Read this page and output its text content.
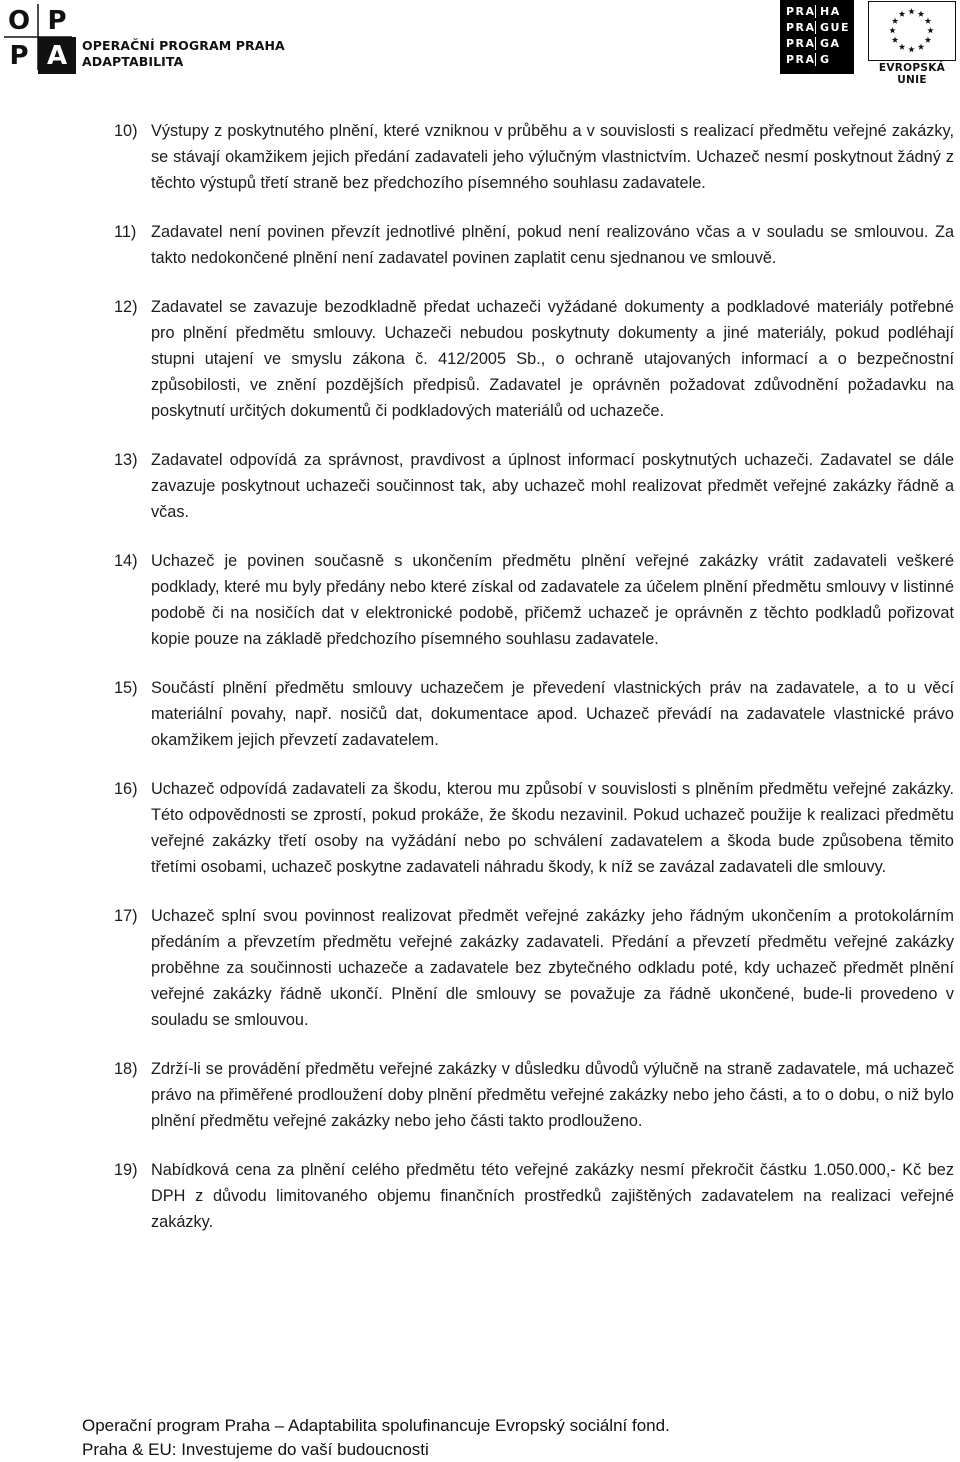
O P
P A OPERAČNÍ PROGRAM PRAHA
ADAPTABILITA
PRA HA
PRA GUE
PRA GA
PRA G
EVROPSKÁ UNIE
10) Výstupy z poskytnutého plnění, které vzniknou v průběhu a v souvislosti s realizací předmětu veřejné zakázky, se stávají okamžikem jejich předání zadavateli jeho výlučným vlastnictvím. Uchazeč nesmí poskytnout žádný z těchto výstupů třetí straně bez předchozího písemného souhlasu zadavatele.
11) Zadavatel není povinen převzít jednotlivé plnění, pokud není realizováno včas a v souladu se smlouvou. Za takto nedokončené plnění není zadavatel povinen zaplatit cenu sjednanou ve smlouvě.
12) Zadavatel se zavazuje bezodkladně předat uchazeči vyžádané dokumenty a podkladové materiály potřebné pro plnění předmětu smlouvy. Uchazeči nebudou poskytnuty dokumenty a jiné materiály, pokud podléhají stupni utajení ve smyslu zákona č. 412/2005 Sb., o ochraně utajovaných informací a o bezpečnostní způsobilosti, ve znění pozdějších předpisů. Zadavatel je oprávněn požadovat zdůvodnění požadavku na poskytnutí určitých dokumentů či podkladových materiálů od uchazeče.
13) Zadavatel odpovídá za správnost, pravdivost a úplnost informací poskytnutých uchazeči. Zadavatel se dále zavazuje poskytnout uchazeči součinnost tak, aby uchazeč mohl realizovat předmět veřejné zakázky řádně a včas.
14) Uchazeč je povinen současně s ukončením předmětu plnění veřejné zakázky vrátit zadavateli veškeré podklady, které mu byly předány nebo které získal od zadavatele za účelem plnění předmětu smlouvy v listinné podobě či na nosičích dat v elektronické podobě, přičemž uchazeč je oprávněn z těchto podkladů pořizovat kopie pouze na základě předchozího písemného souhlasu zadavatele.
15) Součástí plnění předmětu smlouvy uchazečem je převedení vlastnických práv na zadavatele, a to u věcí materiální povahy, např. nosičů dat, dokumentace apod. Uchazeč převádí na zadavatele vlastnické právo okamžikem jejich převzetí zadavatelem.
16) Uchazeč odpovídá zadavateli za škodu, kterou mu způsobí v souvislosti s plněním předmětu veřejné zakázky. Této odpovědnosti se zprostí, pokud prokáže, že škodu nezavinil. Pokud uchazeč použije k realizaci předmětu veřejné zakázky třetí osoby na vyžádání nebo po schválení zadavatelem a škoda bude způsobena těmito třetími osobami, uchazeč poskytne zadavateli náhradu škody, k níž se zavázal zadavateli dle smlouvy.
17) Uchazeč splní svou povinnost realizovat předmět veřejné zakázky jeho řádným ukončením a protokolárním předáním a převzetím předmětu veřejné zakázky zadavateli. Předání a převzetí předmětu veřejné zakázky proběhne za součinnosti uchazeče a zadavatele bez zbytečného odkladu poté, kdy uchazeč předmět plnění veřejné zakázky řádně ukončí. Plnění dle smlouvy se považuje za řádně ukončené, bude-li provedeno v souladu se smlouvou.
18) Zdrží-li se provádění předmětu veřejné zakázky v důsledku důvodů výlučně na straně zadavatele, má uchazeč právo na přiměřené prodloužení doby plnění předmětu veřejné zakázky nebo jeho části, a to o dobu, o niž bylo plnění předmětu veřejné zakázky nebo jeho části takto prodlouženo.
19) Nabídková cena za plnění celého předmětu této veřejné zakázky nesmí překročit částku 1.050.000,- Kč bez DPH z důvodu limitovaného objemu finančních prostředků zajištěných zadavatelem na realizaci veřejné zakázky.
Operační program Praha – Adaptabilita spolufinancuje Evropský sociální fond.
Praha & EU: Investujeme do vaší budoucnosti
